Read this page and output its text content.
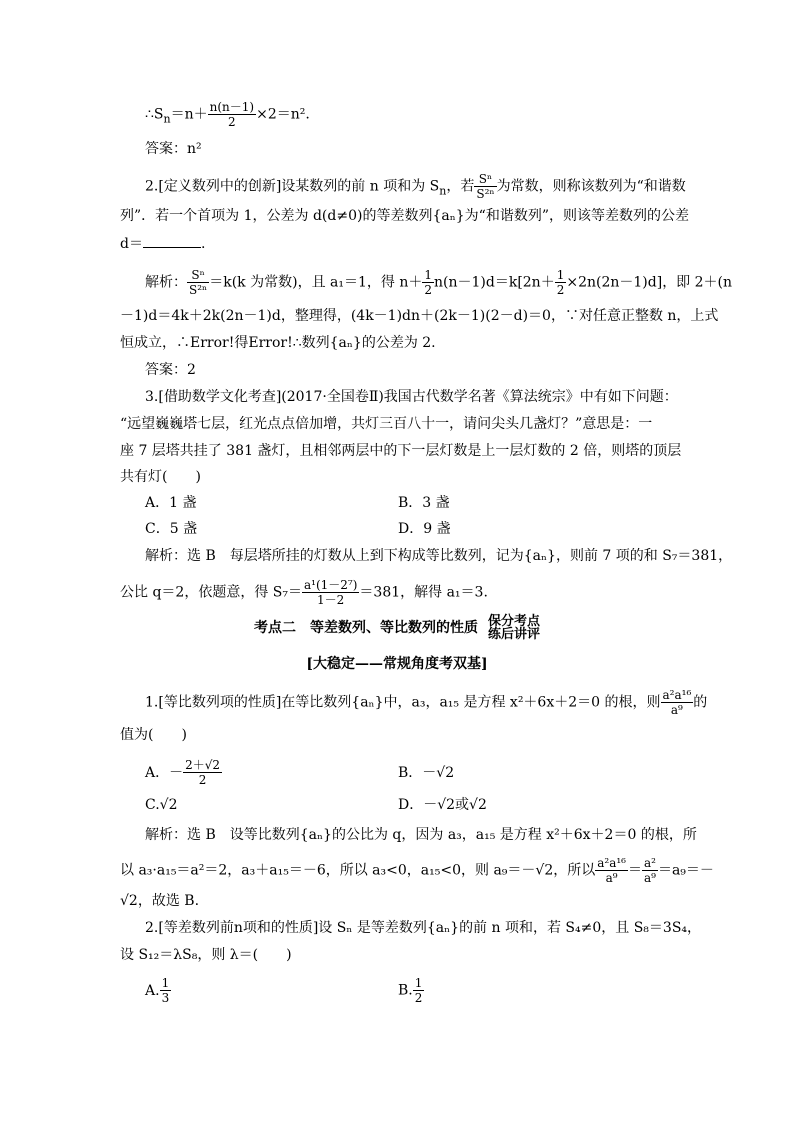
$\therefore S_n=n+ \frac{n(n-1)}{2} \times 2=n^2$.
答案：n²
2.[定义数列中的创新]设某数列的前 n 项和为 $S_n$，若 $\frac{\text{Sⁿ}}{\text{S²ⁿ}}$ 为常数，则称该数列为“和谐数
列”．若一个首项为 1，公差为 d(d≠0)的等差数列{aₙ}为“和谐数列”，则该等差数列的公差
d＝	.
解析： $\frac{\text{Sⁿ}}{\text{S²ⁿ}} =k(k$ 为常数)，且 a₁＝1，得 $n+ \frac{1}{2} n(n-1)d=k[2n+ \frac{1}{2} \times 2n(2n-1)d]$，即 2＋(n
－1)d＝4k＋2k(2n－1)d，整理得，(4k－1)dn＋(2k－1)(2－d)＝0，∵对任意正整数 n，上式
恒成立，∴Error!得Error!∴数列{aₙ}的公差为 2.
答案：2
3.[借助数学文化考查](2017·全国卷Ⅱ)我国古代数学名著《算法统宗》中有如下问题：
“远望巍巍塔七层，红光点点倍加增，共灯三百八十一，请问尖头几盏灯？”意思是：一
座 7 层塔共挂了 381 盏灯，且相邻两层中的下一层灯数是上一层灯数的 2 倍，则塔的顶层
共有灯(　　)
A．1 盏	B．3 盏
C．5 盏	D．9 盏
解析：选 B　每层塔所挂的灯数从上到下构成等比数列，记为{aₙ}，则前 7 项的和 S₇＝381，
公比 q＝2，依题意，得 $S_7= \frac{\text{a¹(1－2⁷)}}{1-2} =381$，解得 a₁＝3.
考点二　等差数列、等比数列的性质 保分考点
练后讲评
[大稳定——常规角度考双基]
1.[等比数列项的性质]在等比数列{aₙ}中，a₃，a₁₅ 是方程 x²＋6x＋2＝0 的根，则 $\frac{\text{a²a¹⁶}}{\text{a⁹}}$ 的
值为(　　)
A．－ $\frac{2+√2}{2}$	B．－√2
C.√2	D．－√2或√2
解析：选 B　设等比数列{aₙ}的公比为 q，因为 a₃，a₁₅ 是方程 x²＋6x＋2＝0 的根，所
以 a₃·a₁₅＝a²＝2，a₃＋a₁₅＝－6，所以 a₃<0，a₁₅<0，则 a₉＝－√2，所以 $\frac{\text{a²a¹⁶}}{\text{a⁹}} = \frac{\text{a²}}{\text{a⁹}} =a_9=-$
√2，故选 B.
2.[等差数列前n项和的性质]设 Sₙ 是等差数列{aₙ}的前 n 项和，若 S₄≠0，且 S₈＝3S₄，
设 S₁₂＝λS₈，则 λ＝(　　)
A. $\frac{1}{3}$	B. $\frac{1}{2}$
